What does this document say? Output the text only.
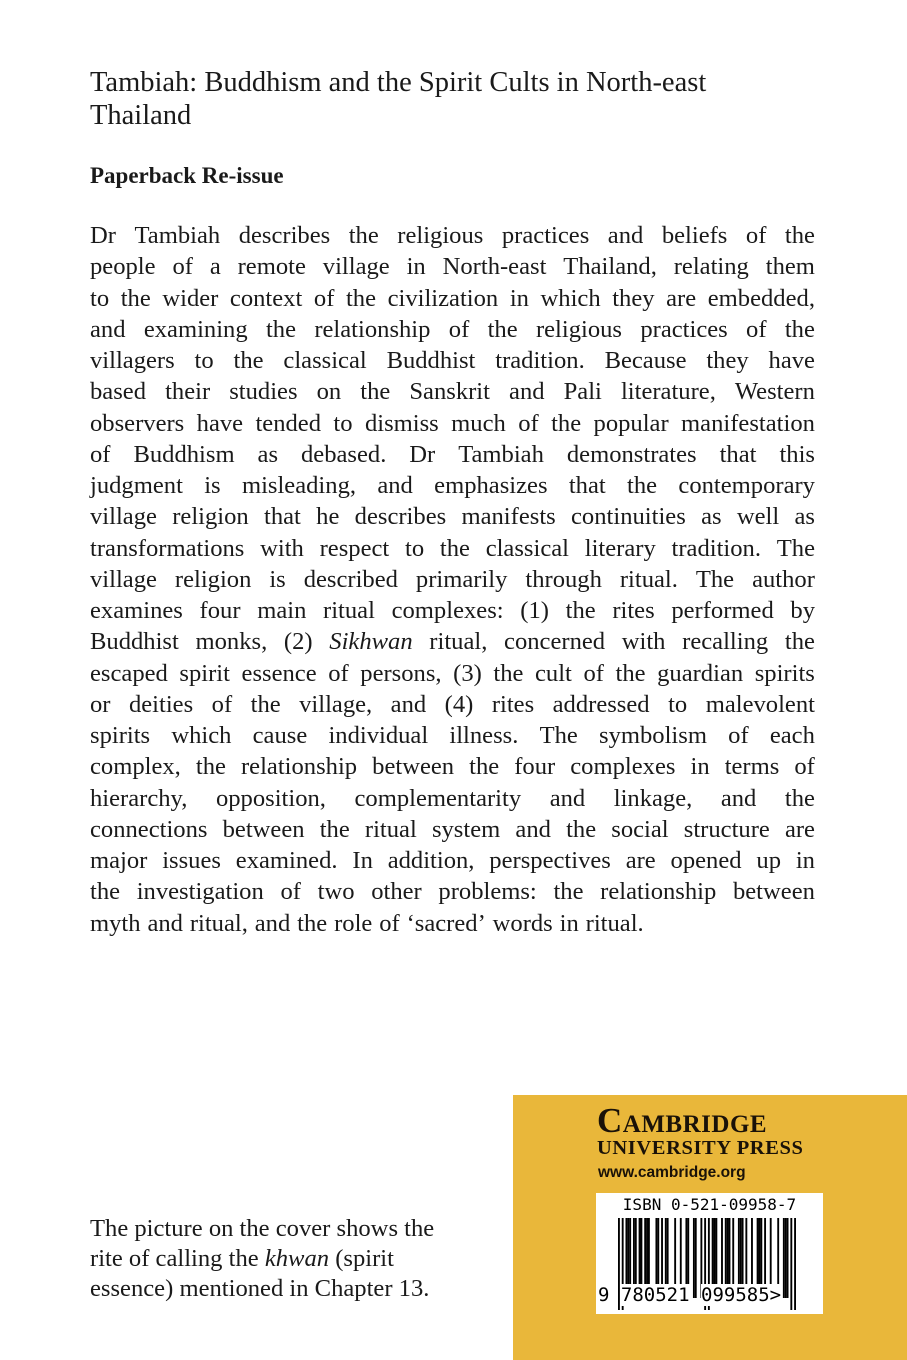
Tambiah: Buddhism and the Spirit Cults in North-east
Thailand
Paperback Re-issue
Dr Tambiah describes the religious practices and beliefs of the
people of a remote village in North-east Thailand, relating them
to the wider context of the civilization in which they are embedded,
and examining the relationship of the religious practices of the
villagers to the classical Buddhist tradition. Because they have
based their studies on the Sanskrit and Pali literature, Western
observers have tended to dismiss much of the popular manifestation
of Buddhism as debased. Dr Tambiah demonstrates that this
judgment is misleading, and emphasizes that the contemporary
village religion that he describes manifests continuities as well as
transformations with respect to the classical literary tradition. The
village religion is described primarily through ritual. The author
examines four main ritual complexes: (1) the rites performed by
Buddhist monks, (2) Sikhwan ritual, concerned with recalling the
escaped spirit essence of persons, (3) the cult of the guardian spirits
or deities of the village, and (4) rites addressed to malevolent
spirits which cause individual illness. The symbolism of each
complex, the relationship between the four complexes in terms of
hierarchy, opposition, complementarity and linkage, and the
connections between the ritual system and the social structure are
major issues examined. In addition, perspectives are opened up in
the investigation of two other problems: the relationship between
myth and ritual, and the role of ‘sacred’ words in ritual.
The picture on the cover shows the
rite of calling the khwan (spirit
essence) mentioned in Chapter 13.
Cambridge
UNIVERSITY PRESS
www.cambridge.org
ISBN 0-521-09958-7
9 780521 099585>
